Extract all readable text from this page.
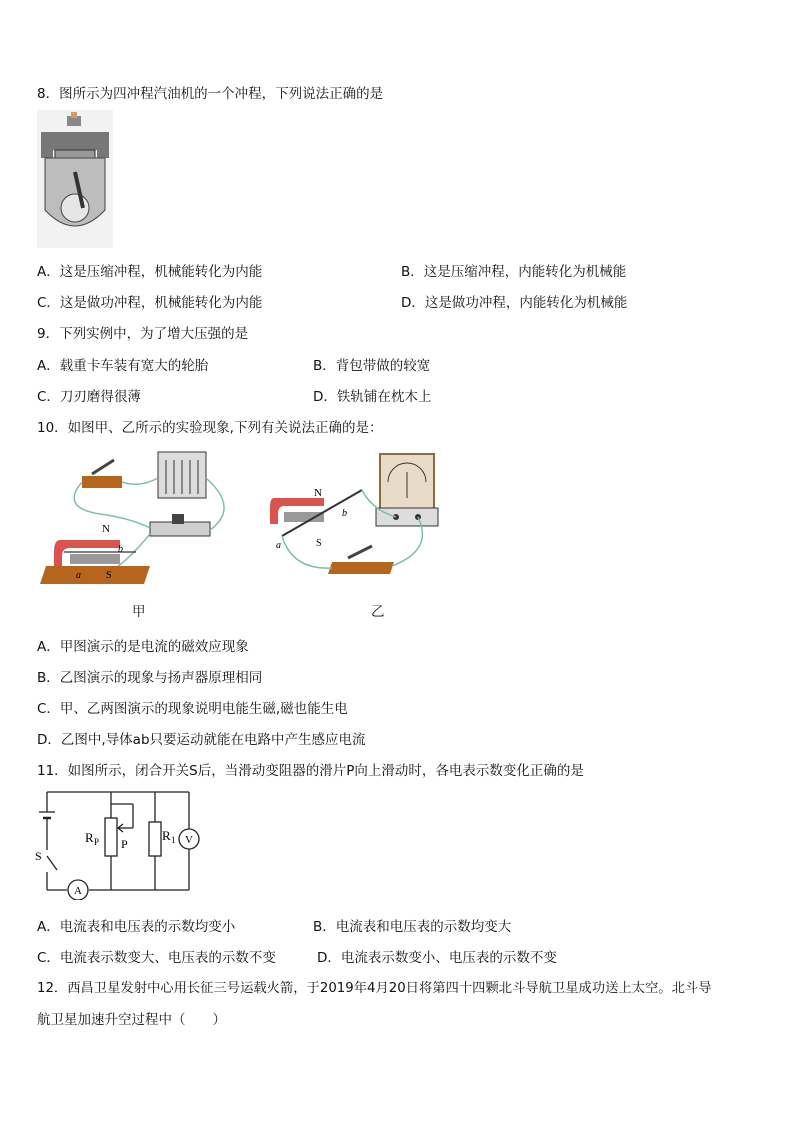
8．图所示为四冲程汽油机的一个冲程，下列说法正确的是
A．这是压缩冲程，机械能转化为内能	B．这是压缩冲程，内能转化为机械能
C．这是做功冲程，机械能转化为内能	D．这是做功冲程，内能转化为机械能
9．下列实例中，为了增大压强的是
A．载重卡车装有宽大的轮胎	B．背包带做的较宽
C．刀刃磨得很薄	D．铁轨铺在枕木上
10．如图甲、乙所示的实验现象,下列有关说法正确的是：
N
b
a	S
甲
N
b
a	S
乙
A．甲图演示的是电流的磁效应现象
B．乙图演示的现象与扬声器原理相同
C．甲、乙两图演示的现象说明电能生磁,磁也能生电
D．乙图中,导体ab只要运动就能在电路中产生感应电流
11．如图所示，闭合开关S后，当滑动变阻器的滑片P向上滑动时，各电表示数变化正确的是
V
A
R P P
R 1
S
A．电流表和电压表的示数均变小	B．电流表和电压表的示数均变大
C．电流表示数变大、电压表的示数不变	D．电流表示数变小、电压表的示数不变
12．西昌卫星发射中心用长征三号运载火箭，于2019年4月20日将第四十四颗北斗导航卫星成功送上太空。北斗导
航卫星加速升空过程中（　　）
